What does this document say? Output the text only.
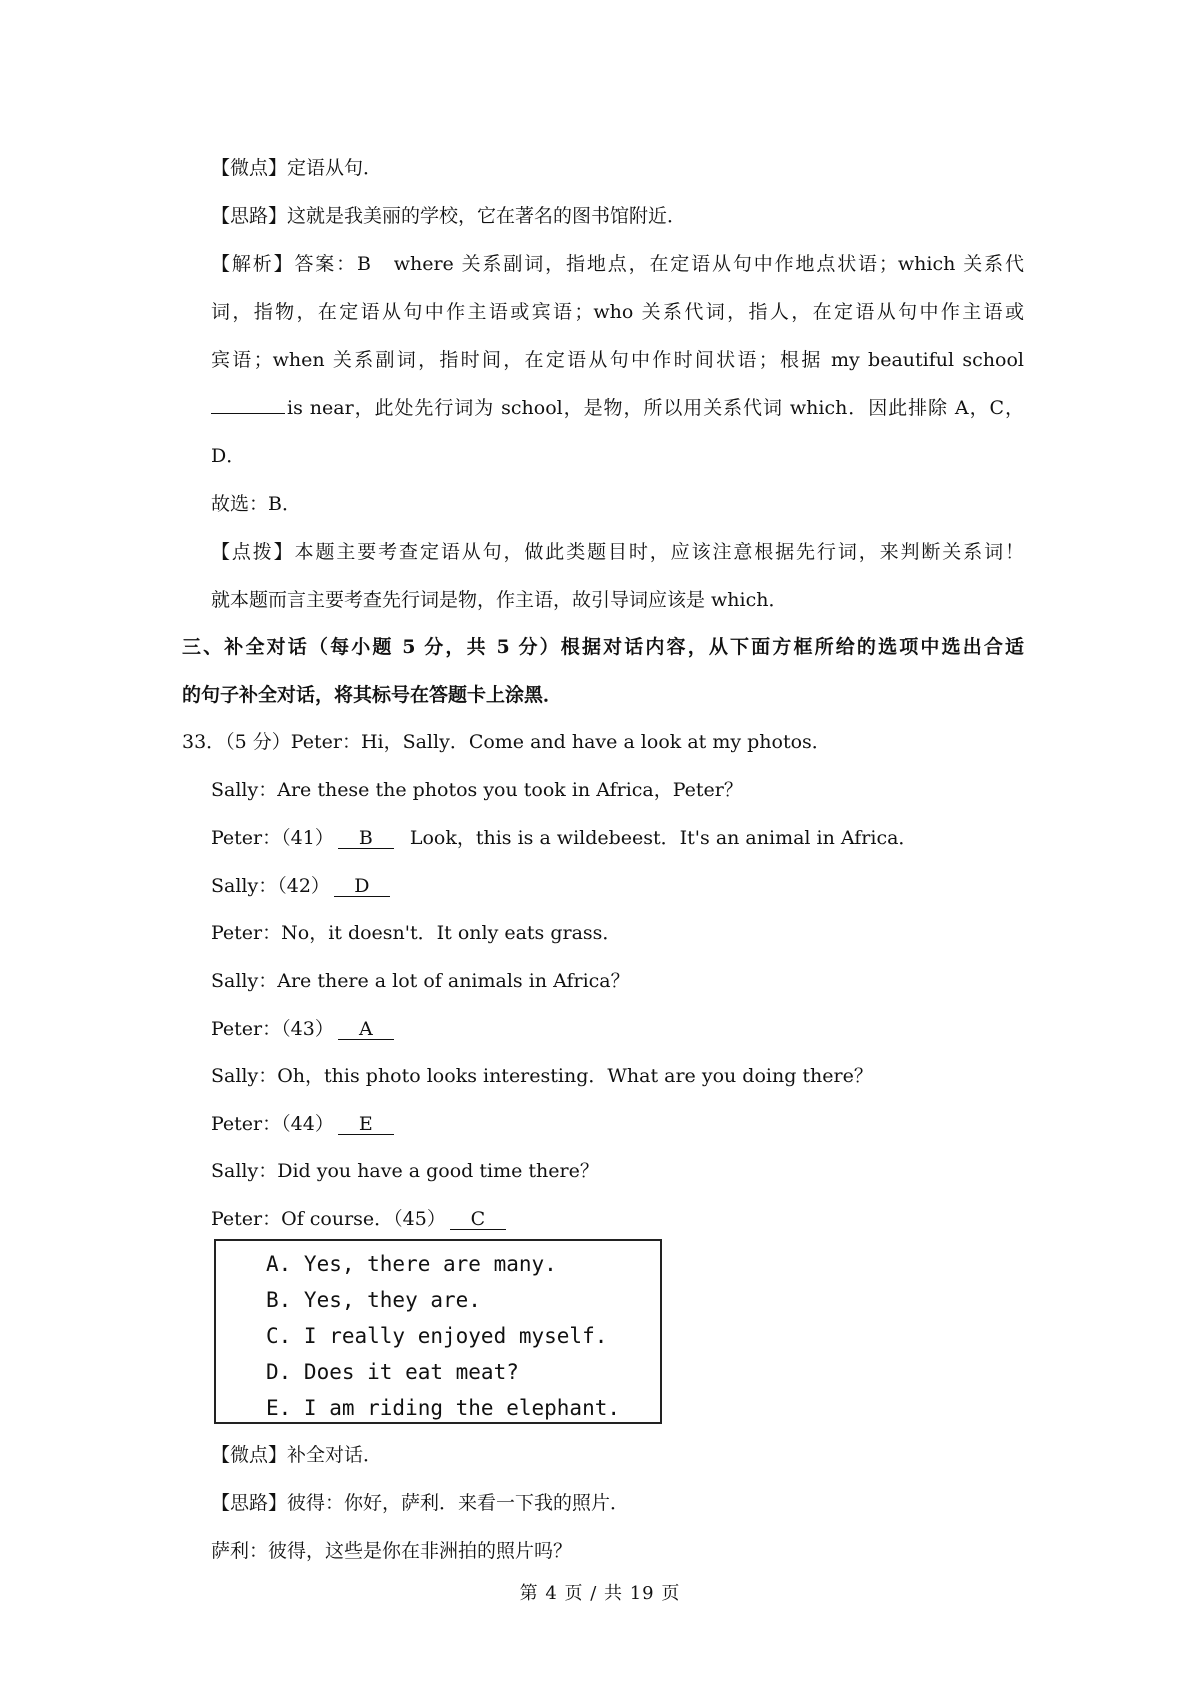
【微点】定语从句．
【思路】这就是我美丽的学校，它在著名的图书馆附近．
【解析】答案：B　where 关系副词，指地点，在定语从句中作地点状语；which 关系代
词，指物，在定语从句中作主语或宾语；who 关系代词，指人，在定语从句中作主语或
宾语；when 关系副词，指时间，在定语从句中作时间状语；根据 my beautiful school
is near，此处先行词为 school，是物，所以用关系代词 which．因此排除 A，C，
D．
故选：B．
【点拨】本题主要考查定语从句，做此类题目时，应该注意根据先行词，来判断关系词！
就本题而言主要考查先行词是物，作主语，故引导词应该是 which．
三、补全对话（每小题 5 分，共 5 分）根据对话内容，从下面方框所给的选项中选出合适
的句子补全对话，将其标号在答题卡上涂黑．
33．（5 分）Peter：Hi，Sally．Come and have a look at my photos．
Sally：Are these the photos you took in Africa，Peter？
Peter：（41） B Look，this is a wildebeest．It's an animal in Africa．
Sally：（42） D
Peter：No，it doesn't．It only eats grass．
Sally：Are there a lot of animals in Africa？
Peter：（43） A
Sally：Oh，this photo looks interesting．What are you doing there？
Peter：（44） E
Sally：Did you have a good time there？
Peter：Of course．（45） C
A. Yes, there are many.
B. Yes, they are.
C. I really enjoyed myself.
D. Does it eat meat?
E. I am riding the elephant.
【微点】补全对话．
【思路】彼得：你好，萨利．来看一下我的照片．
萨利：彼得，这些是你在非洲拍的照片吗？
第 4 页 / 共 19 页
